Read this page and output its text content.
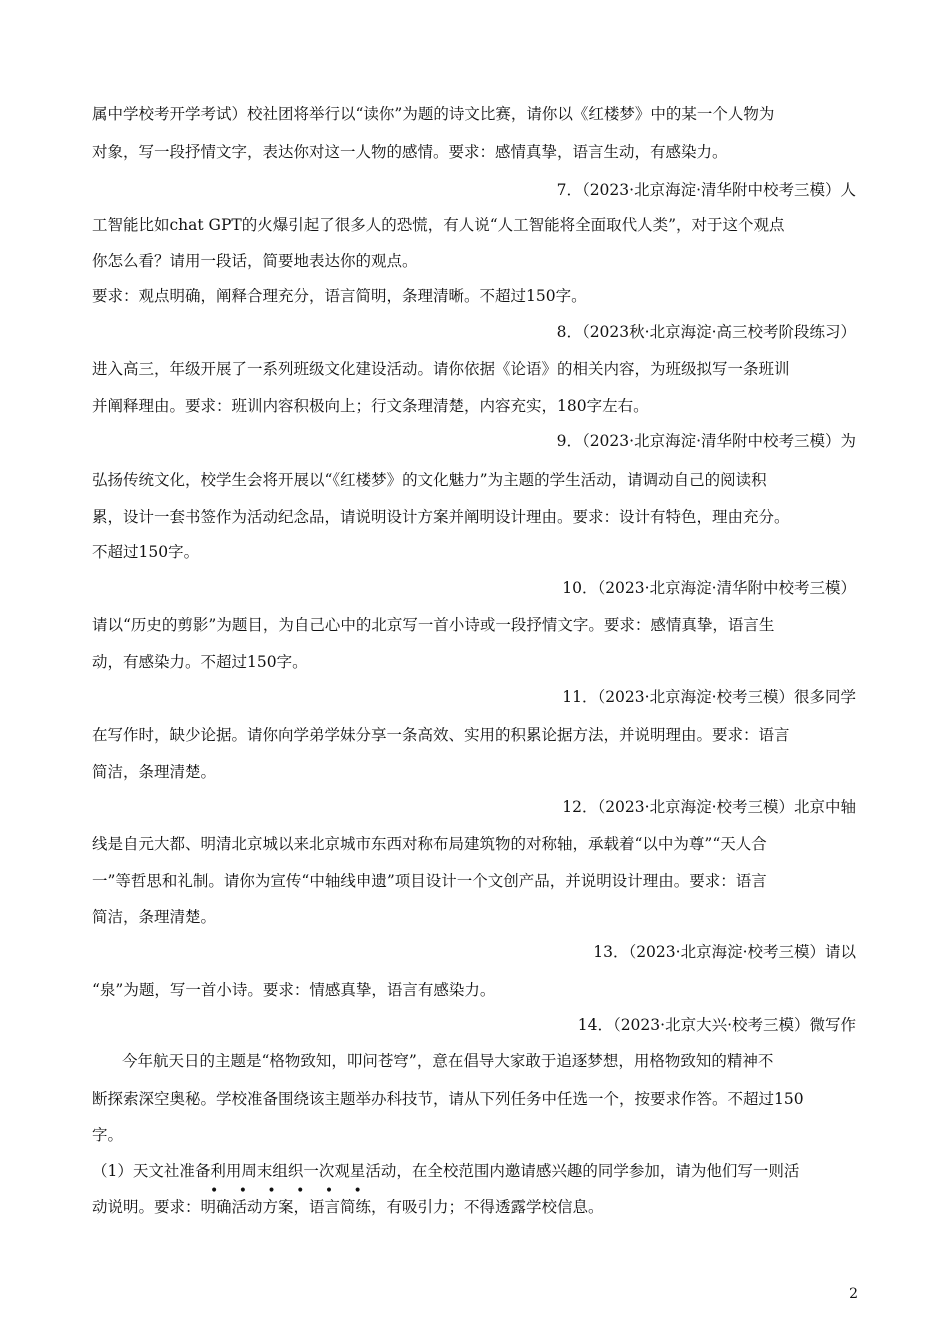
属中学校考开学考试）校社团将举行以“读你”为题的诗文比赛，请你以《红楼梦》中的某一个人物为
对象，写一段抒情文字，表达你对这一人物的感情。要求：感情真挚，语言生动，有感染力。
7．（2023·北京海淀·清华附中校考三模）人
工智能比如chat GPT的火爆引起了很多人的恐慌，有人说“人工智能将全面取代人类”，对于这个观点
你怎么看？请用一段话，简要地表达你的观点。
要求：观点明确，阐释合理充分，语言简明，条理清晰。不超过150字。
8．（2023秋·北京海淀·高三校考阶段练习）
进入高三，年级开展了一系列班级文化建设活动。请你依据《论语》的相关内容，为班级拟写一条班训
并阐释理由。要求：班训内容积极向上；行文条理清楚，内容充实，180字左右。
9．（2023·北京海淀·清华附中校考三模）为
弘扬传统文化，校学生会将开展以“《红楼梦》的文化魅力”为主题的学生活动，请调动自己的阅读积
累，设计一套书签作为活动纪念品，请说明设计方案并阐明设计理由。要求：设计有特色，理由充分。
不超过150字。
10．（2023·北京海淀·清华附中校考三模）
请以“历史的剪影”为题目，为自己心中的北京写一首小诗或一段抒情文字。要求：感情真挚，语言生
动，有感染力。不超过150字。
11．（2023·北京海淀·校考三模）很多同学
在写作时，缺少论据。请你向学弟学妹分享一条高效、实用的积累论据方法，并说明理由。要求：语言
简洁，条理清楚。
12．（2023·北京海淀·校考三模）北京中轴
线是自元大都、明清北京城以来北京城市东西对称布局建筑物的对称轴，承载着“以中为尊”“天人合
一”等哲思和礼制。请你为宣传“中轴线申遗”项目设计一个文创产品，并说明设计理由。要求：语言
简洁，条理清楚。
13．（2023·北京海淀·校考三模）请以
“泉”为题，写一首小诗。要求：情感真挚，语言有感染力。
14．（2023·北京大兴·校考三模）微写作
今年航天日的主题是“格物致知，叩问苍穹”，意在倡导大家敢于追逐梦想，用格物致知的精神不
断探索深空奥秘。学校准备围绕该主题举办科技节，请从下列任务中任选一个，按要求作答。不超过150
字。
（1）天文社准备利用周末组织一次观星活动，在全校范围内邀请感兴趣的同学参加，请为他们写一则活
• • • • • •
动说明。要求：明确活动方案，语言简练，有吸引力；不得透露学校信息。
2
